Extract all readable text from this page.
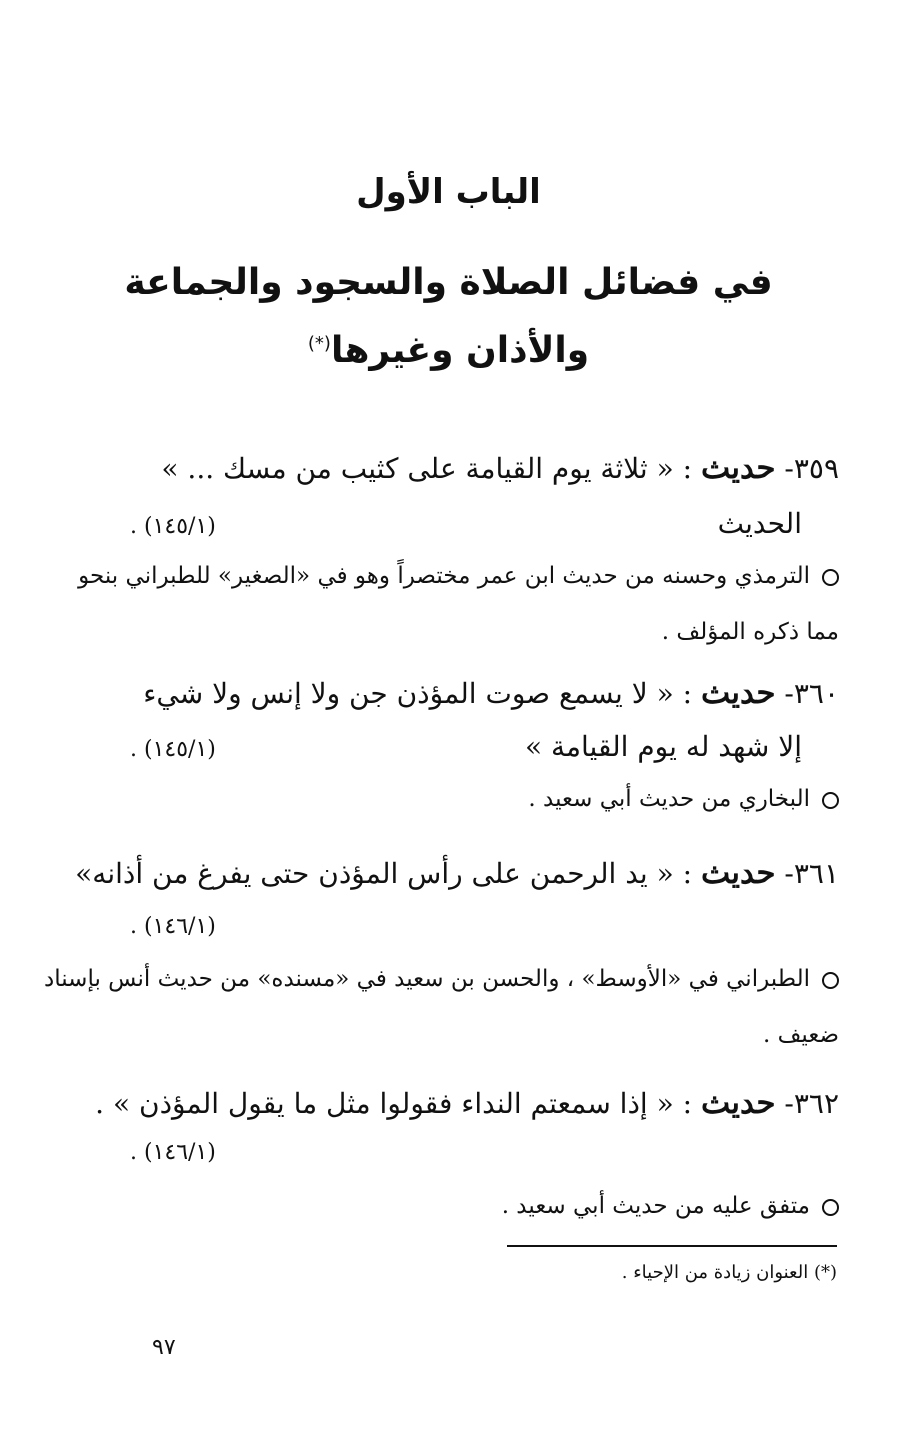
الباب الأول
في فضائل الصلاة والسجود والجماعة
والأذان وغيرها(*)
٣٥٩- حديث : « ثلاثة يوم القيامة على كثيب من مسك ... »
الحديث
(١٤٥/١) .
الترمذي وحسنه من حديث ابن عمر مختصراً وهو في «الصغير» للطبراني بنحو مما ذكره المؤلف .
٣٦٠- حديث : « لا يسمع صوت المؤذن جن ولا إنس ولا شيء
إلا شهد له يوم القيامة »
(١٤٥/١) .
البخاري من حديث أبي سعيد .
٣٦١- حديث : « يد الرحمن على رأس المؤذن حتى يفرغ من أذانه»
(١٤٦/١) .
الطبراني في «الأوسط» ، والحسن بن سعيد في «مسنده» من حديث أنس بإسناد ضعيف .
٣٦٢- حديث : « إذا سمعتم النداء فقولوا مثل ما يقول المؤذن » .
(١٤٦/١) .
متفق عليه من حديث أبي سعيد .
(*) العنوان زيادة من الإحياء .
٩٧
